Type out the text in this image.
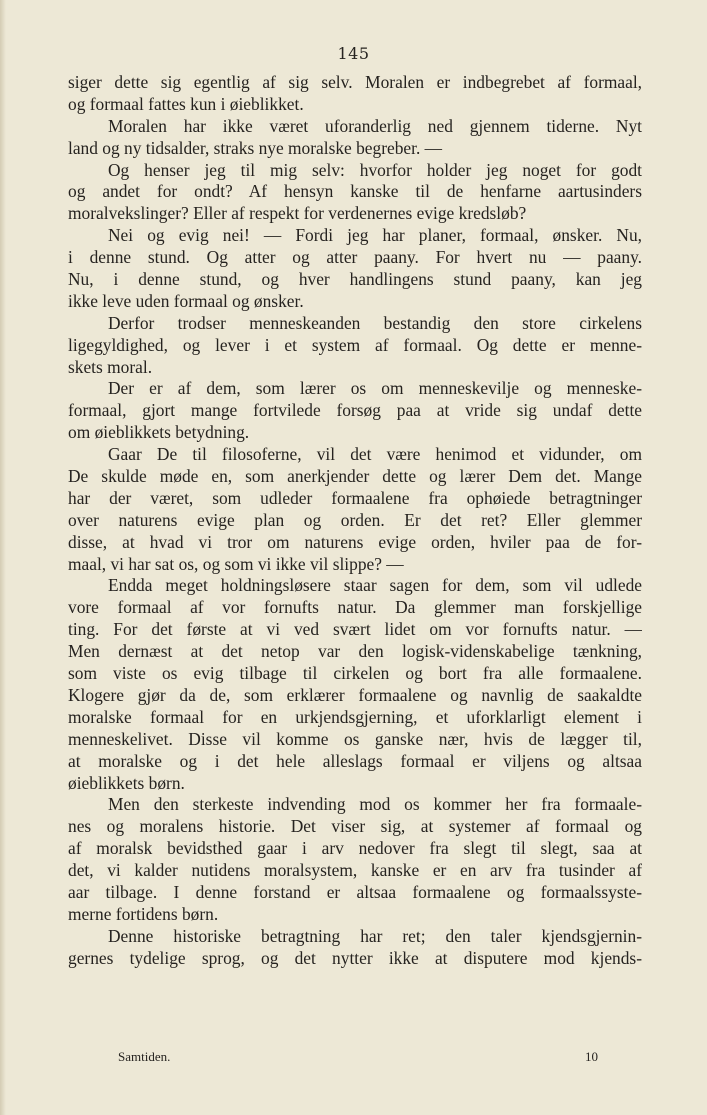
145
siger dette sig egentlig af sig selv. Moralen er indbegrebet af formaal,
og formaal fattes kun i øieblikket.
Moralen har ikke været uforanderlig ned gjennem tiderne. Nyt
land og ny tidsalder, straks nye moralske begreber. —
Og henser jeg til mig selv: hvorfor holder jeg noget for godt
og andet for ondt? Af hensyn kanske til de henfarne aartusinders
moralvekslinger? Eller af respekt for verdenernes evige kredsløb?
Nei og evig nei! — Fordi jeg har planer, formaal, ønsker. Nu,
i denne stund. Og atter og atter paany. For hvert nu — paany.
Nu, i denne stund, og hver handlingens stund paany, kan jeg
ikke leve uden formaal og ønsker.
Derfor trodser menneskeanden bestandig den store cirkelens
ligegyldighed, og lever i et system af formaal. Og dette er menne-
skets moral.
Der er af dem, som lærer os om menneskevilje og menneske-
formaal, gjort mange fortvilede forsøg paa at vride sig undaf dette
om øieblikkets betydning.
Gaar De til filosoferne, vil det være henimod et vidunder, om
De skulde møde en, som anerkjender dette og lærer Dem det. Mange
har der været, som udleder formaalene fra ophøiede betragtninger
over naturens evige plan og orden. Er det ret? Eller glemmer
disse, at hvad vi tror om naturens evige orden, hviler paa de for-
maal, vi har sat os, og som vi ikke vil slippe? —
Endda meget holdningsløsere staar sagen for dem, som vil udlede
vore formaal af vor fornufts natur. Da glemmer man forskjellige
ting. For det første at vi ved svært lidet om vor fornufts natur. —
Men dernæst at det netop var den logisk-videnskabelige tænkning,
som viste os evig tilbage til cirkelen og bort fra alle formaalene.
Klogere gjør da de, som erklærer formaalene og navnlig de saakaldte
moralske formaal for en urkjendsgjerning, et uforklarligt element i
menneskelivet. Disse vil komme os ganske nær, hvis de lægger til,
at moralske og i det hele alleslags formaal er viljens og altsaa
øieblikkets børn.
Men den sterkeste indvending mod os kommer her fra formaale-
nes og moralens historie. Det viser sig, at systemer af formaal og
af moralsk bevidsthed gaar i arv nedover fra slegt til slegt, saa at
det, vi kalder nutidens moralsystem, kanske er en arv fra tusinder af
aar tilbage. I denne forstand er altsaa formaalene og formaalssyste-
merne fortidens børn.
Denne historiske betragtning har ret; den taler kjendsgjernin-
gernes tydelige sprog, og det nytter ikke at disputere mod kjends-
Samtiden.	10
